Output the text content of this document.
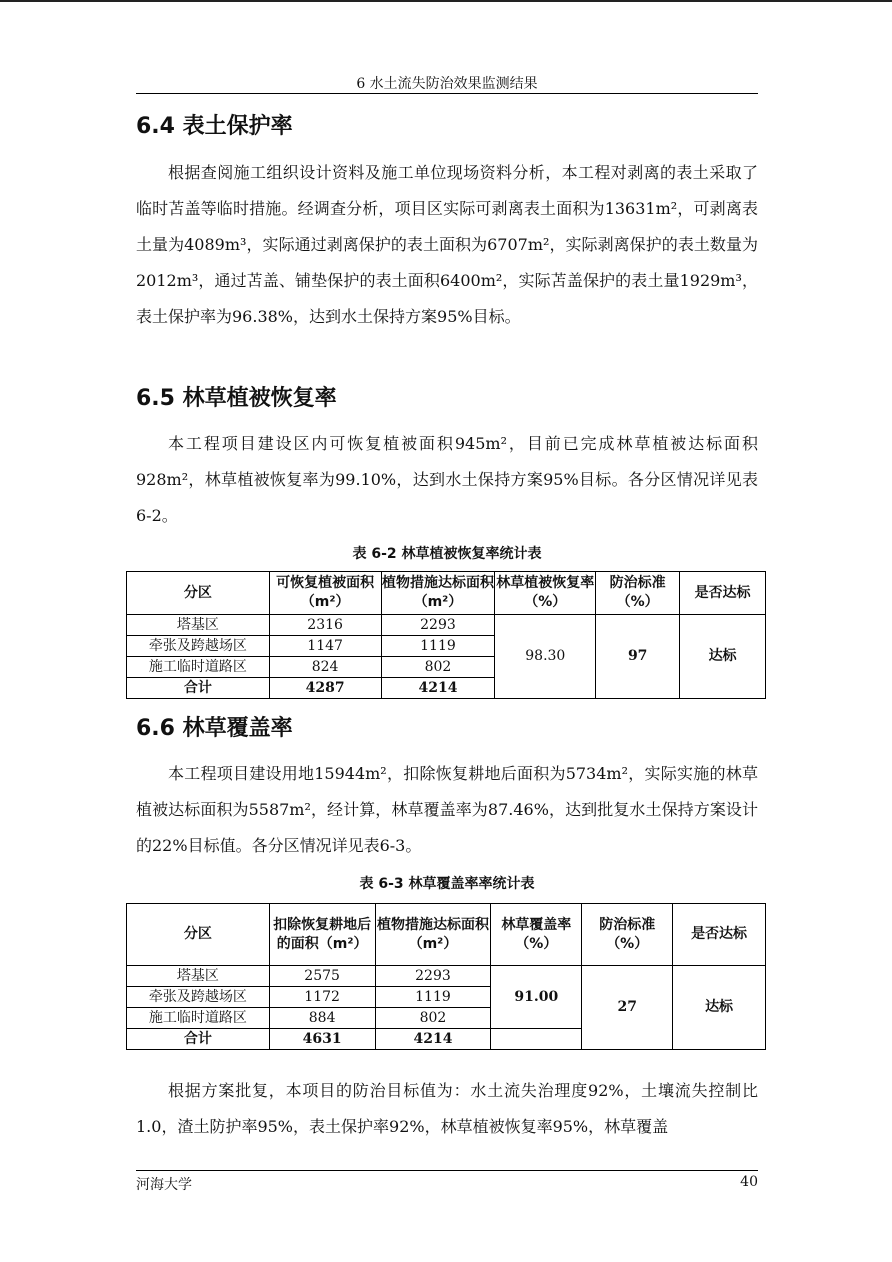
6 水土流失防治效果监测结果
6.4 表土保护率

根据查阅施工组织设计资料及施工单位现场资料分析，本工程对剥离的表土采取了临时苫盖等临时措施。经调查分析，项目区实际可剥离表土面积为13631m²，可剥离表土量为4089m³，实际通过剥离保护的表土面积为6707m²，实际剥离保护的表土数量为2012m³，通过苫盖、铺垫保护的表土面积6400m²，实际苫盖保护的表土量1929m³，表土保护率为96.38%，达到水土保持方案95%目标。

6.5 林草植被恢复率

本工程项目建设区内可恢复植被面积945m²，目前已完成林草植被达标面积928m²，林草植被恢复率为99.10%，达到水土保持方案95%目标。各分区情况详见表6-2。

表 6-2 林草植被恢复率统计表
分区	可恢复植被面积（m²）	植物措施达标面积（m²）	林草植被恢复率（%）	防治标准（%）	是否达标
塔基区	2316	2293	98.30	97	达标
牵张及跨越场区	1147	1119			
施工临时道路区	824	802			
合计	4287	4214			
6.6 林草覆盖率

本工程项目建设用地15944m²，扣除恢复耕地后面积为5734m²，实际实施的林草植被达标面积为5587m²，经计算，林草覆盖率为87.46%，达到批复水土保持方案设计的22%目标值。各分区情况详见表6-3。

表 6-3 林草覆盖率率统计表
分区	扣除恢复耕地后的面积（m²）	植物措施达标面积（m²）	林草覆盖率（%）	防治标准（%）	是否达标
塔基区	2575	2293	91.00	27	达标
牵张及跨越场区	1172	1119			
施工临时道路区	884	802			
合计	4631	4214			

根据方案批复，本项目的防治目标值为：水土流失治理度92%，土壤流失控制比1.0，渣土防护率95%，表土保护率92%，林草植被恢复率95%，林草覆盖

河海大学	40
